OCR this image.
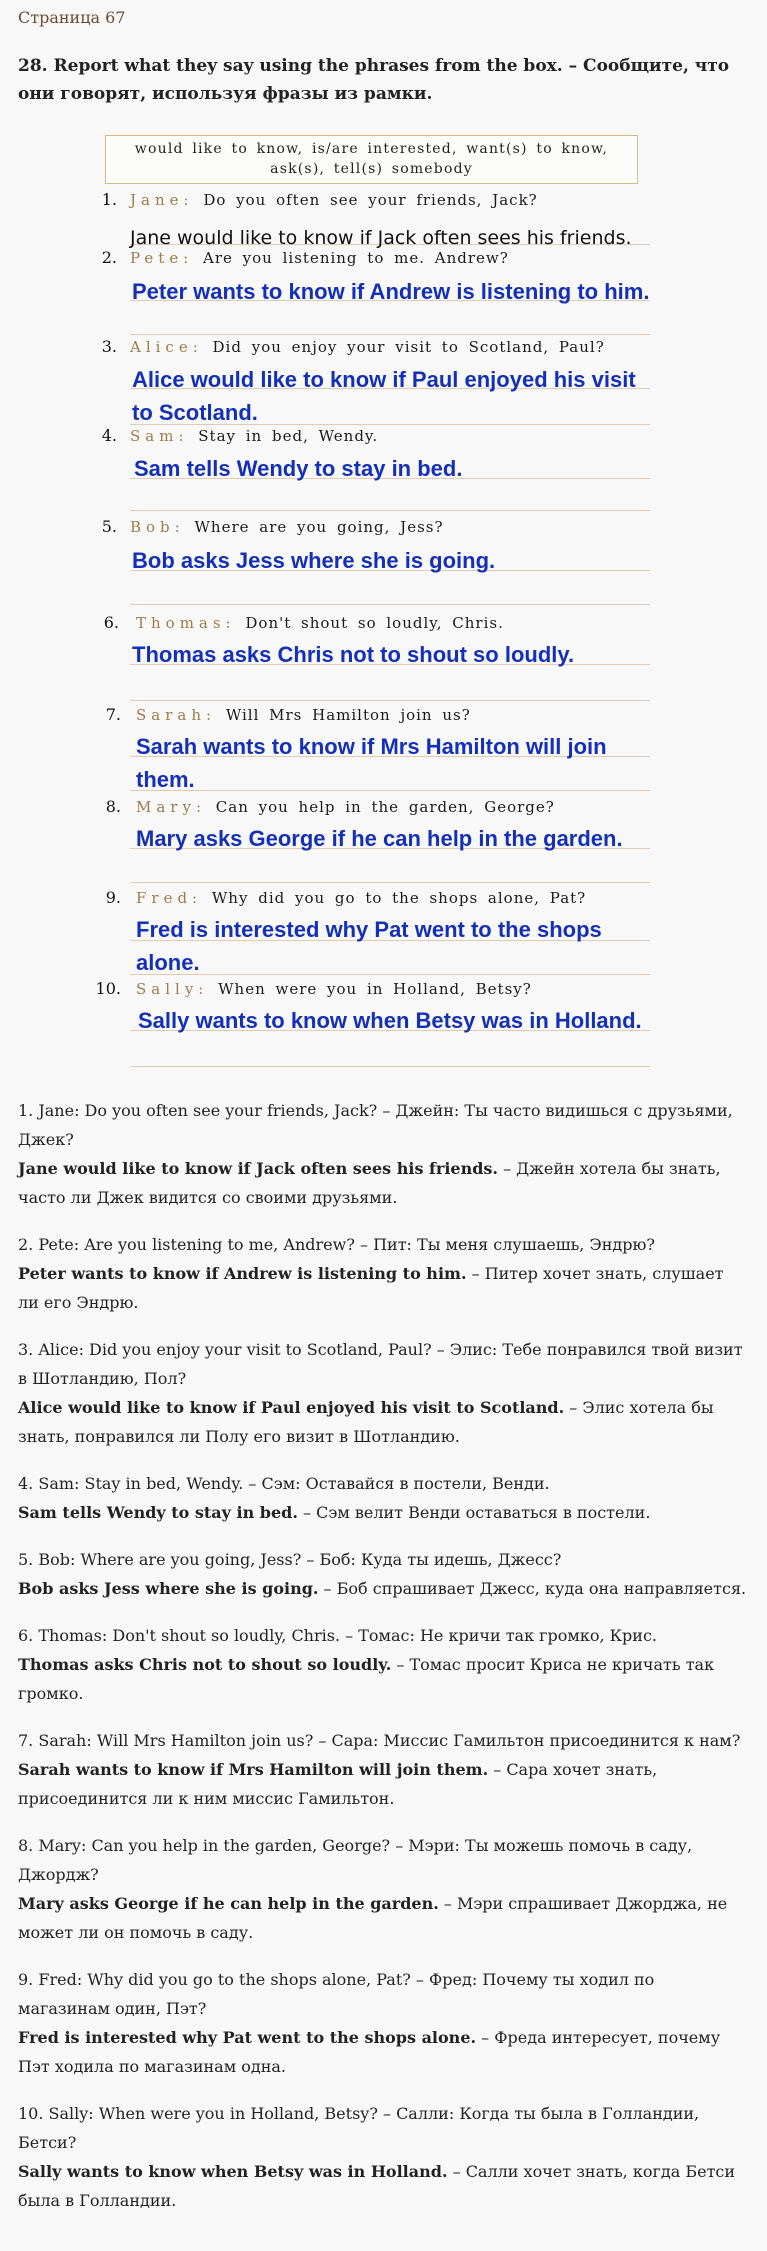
Страница 67
28. Report what they say using the phrases from the box. – Сообщите, что они говорят, используя фразы из рамки.
would like to know, is/are interested, want(s) to know,
ask(s), tell(s) somebody
1. Jane: Do you often see your friends, Jack?
Jane would like to know if Jack often sees his friends.
2. Pete: Are you listening to me. Andrew?
Peter wants to know if Andrew is listening to him.
3. Alice: Did you enjoy your visit to Scotland, Paul?
Alice would like to know if Paul enjoyed his visit to Scotland.
4. Sam: Stay in bed, Wendy.
Sam tells Wendy to stay in bed.
5. Bob: Where are you going, Jess?
Bob asks Jess where she is going.
6. Thomas: Don't shout so loudly, Chris.
Thomas asks Chris not to shout so loudly.
7. Sarah: Will Mrs Hamilton join us?
Sarah wants to know if Mrs Hamilton will join them.
8. Mary: Can you help in the garden, George?
Mary asks George if he can help in the garden.
9. Fred: Why did you go to the shops alone, Pat?
Fred is interested why Pat went to the shops alone.
10. Sally: When were you in Holland, Betsy?
Sally wants to know when Betsy was in Holland.

1. Jane: Do you often see your friends, Jack? – Джейн: Ты часто видишься с друзьями, Джек?

Jane would like to know if Jack often sees his friends. – Джейн хотела бы знать, часто ли Джек видится со своими друзьями.

2. Pete: Are you listening to me, Andrew? – Пит: Ты меня слушаешь, Эндрю?

Peter wants to know if Andrew is listening to him. – Питер хочет знать, слушает ли его Эндрю.

3. Alice: Did you enjoy your visit to Scotland, Paul? – Элис: Тебе понравился твой визит в Шотландию, Пол?

Alice would like to know if Paul enjoyed his visit to Scotland. – Элис хотела бы знать, понравился ли Полу его визит в Шотландию.

4. Sam: Stay in bed, Wendy. – Сэм: Оставайся в постели, Венди.

Sam tells Wendy to stay in bed. – Сэм велит Венди оставаться в постели.

5. Bob: Where are you going, Jess? – Боб: Куда ты идешь, Джесс?

Bob asks Jess where she is going. – Боб спрашивает Джесс, куда она направляется.

6. Thomas: Don't shout so loudly, Chris. – Томас: Не кричи так громко, Крис.

Thomas asks Chris not to shout so loudly. – Томас просит Криса не кричать так громко.

7. Sarah: Will Mrs Hamilton join us? – Сара: Миссис Гамильтон присоединится к нам?

Sarah wants to know if Mrs Hamilton will join them. – Сара хочет знать, присоединится ли к ним миссис Гамильтон.

8. Mary: Can you help in the garden, George? – Мэри: Ты можешь помочь в саду, Джордж?

Mary asks George if he can help in the garden. – Мэри спрашивает Джорджа, не может ли он помочь в саду.

9. Fred: Why did you go to the shops alone, Pat? – Фред: Почему ты ходил по магазинам один, Пэт?

Fred is interested why Pat went to the shops alone. – Фреда интересует, почему Пэт ходила по магазинам одна.

10. Sally: When were you in Holland, Betsy? – Салли: Когда ты была в Голландии, Бетси?

Sally wants to know when Betsy was in Holland. – Салли хочет знать, когда Бетси была в Голландии.
